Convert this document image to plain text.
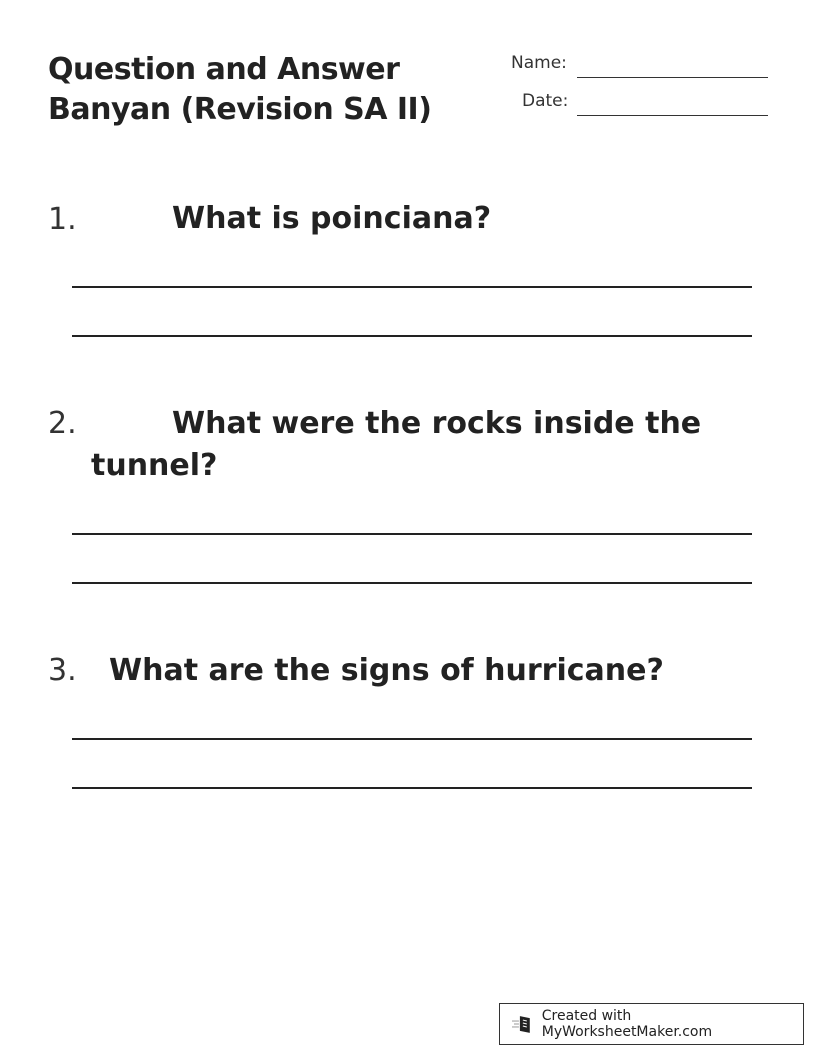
Question and Answer
Banyan (Revision SA II)
Name:
Date:
1.	What is poinciana?
2.	What were the rocks inside the
tunnel?
3. What are the signs of hurricane?
Created with MyWorksheetMaker.com
